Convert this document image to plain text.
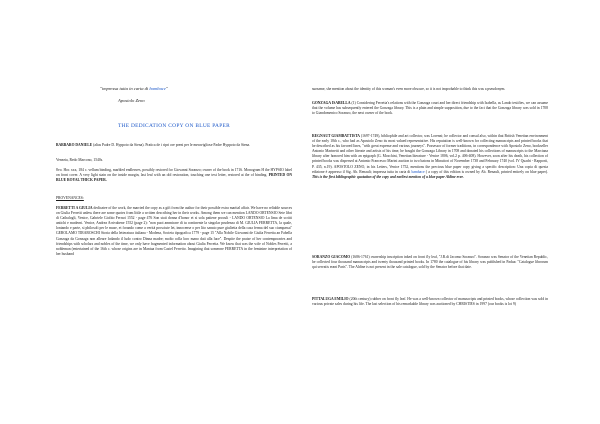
"impressa tutta in carta di bambace"
Apostolo Zeno
THE DEDICATION COPY ON BLUE PAPER

BARBARO DANIELE (alias Padre D. Hyppoto da Siena). Pratica de i ripri ore preni per le meravigliose Padre Hyppoto da Siena.

Venezia, Redo Marcono, 1540s.

8vo. Hor. xxx, 184 c. vellum binding, marbled endleaves, possibly restored for Giovanni Soranzo; owner of the book in 1716. Monogram H the HYPSIO label on front cover. A very light stain on the inside margin, last leaf with an old restoration, touching one text letter, restored at the of binding. PRINTED ON BLUE ROYAL THICK PAPER.

PROVENANCES:

FERRETTI A GIULIA dedicatee of the work, the married the copy as a gift from the author for their possible extra marital affair. We have no reliable sources on Giulia Ferretti unless there are some quotes from little a written describing her in their works. Among them we can mention LANDO ORTENSIO Sete libri di Cathalogli, Venice, Gabriele Giolito Ferrari 1552 - page 476 Son stati donna d'honor et si sola patiene proculi - LANDO ORTENSIO La lima de scritti antichi e moderni. Venice, Andrea Arrivabene 1552 (page 2): "non puoi ammirare di tu continente la singolar prudenza di M. GIULIA FERRETTA, la quale, lontando e parte, si philosoli per le muse, et forando come a verità prosciute let, innocense o per lito sanato pure giulietta della casa ferma del suo ciampassa" GEROLAMO TIRABOSCHI Storia della letteratura italiana - Modena, Societa tipografica 1779 - page 15 "Alla Nobile Giovanni de Giulia Ferretta an Fabella Gonzaga da Gonzaga non alleare lodando il ludo contro Dinna madre; molto colla loro mano dati alla luce". Despite the praise of her contemporaries and friendships with scholars and nobles of the time, we only have fragmented information about Giulia Ferretta. We know that was the wife of Nobles Ferretti, a nobleman (entertained of the 16th c. whose origins are in Mantua from Castel Ferretto. Imagining that someone FERRETTA in the feminine interpretation of her husband

surname, she mention about the identity of this woman's even more obscure, so it is not improbable to think this was a pseudonym.

GONZAGA ISABELLA (1) Considering Ferretta's relations with the Gonzaga court and her direct friendship with Isabella, as Lando testifies, we can assume that the volume has subsequently entered the Gonzaga library. This is a plain and simple supposition, due to the fact that the Gonzaga library was sold in 1708 to Giandomenico Soranzo, the next owner of the book.

REGNAUT GIAMBATTISTA (1697-1749), bibliophile and art collector, was Lorenzi; he collector and consul also, within that British Venetian environment of the early 18th c., who had as Apostolo Zeno its most valued representative. His reputation is well-known for collecting manuscripts and printed books that he described as his favored lines, "with great expense and various journeys". Possessor of former traditions, in correspondence with Apostolo Zeno, bookseller Antonio Marinetti and other literate and artists of his time, he bought the Gonzaga Library in 1708 and donated his collections of manuscripts to the Marciana library after honored him with an epigraph (G. Moschini, Venetian literature - Venice 1806, vol.2 p. 406-408). However, soon after his death, his collection of printed books was dispersed at Antonio Francesco Marini auction to two batons in Minuttori of November 1738 and February 1740 (vol. IV Quadri - Rapporti, P. 435, n.19). APOSTOLO ZENO, in his Letters, Venice 1752, mentions the precious blue paper copy giving a specific description: Una copia di questa edizione è appresso il Sig. Ab. Renault; impressa tutta in carta di bambace ( a copy of this edition is owned by Ab. Renault, printed entirely on blue paper). This is the first bibliographic quotation of the copy and earliest mention of a blue paper Aldine ever.

SORANZO GIACOMO (1686-1761) ownership inscription inked on front fly leaf, "J.R.di Jacomo Soranzo". Soranzo was Senator of the Venetian Republic, he collected four thousand manuscripts and twenty thousand printed books. In 1780 the catalogue of his library was published in Padua: "Catalogue librorum qui servatis erant Paris". The Aldine is not present in the sale catalogue, sold by the Senator before that date.

PITTALUGA EMILIO (20th century) rubber on front fly leaf. He was a well-known collector of manuscripts and printed books, whose collection was sold in various private sales during his life. The last selection of his remarkable library was auctioned by CHRISTIES in 1997 (our books is lot 9)
